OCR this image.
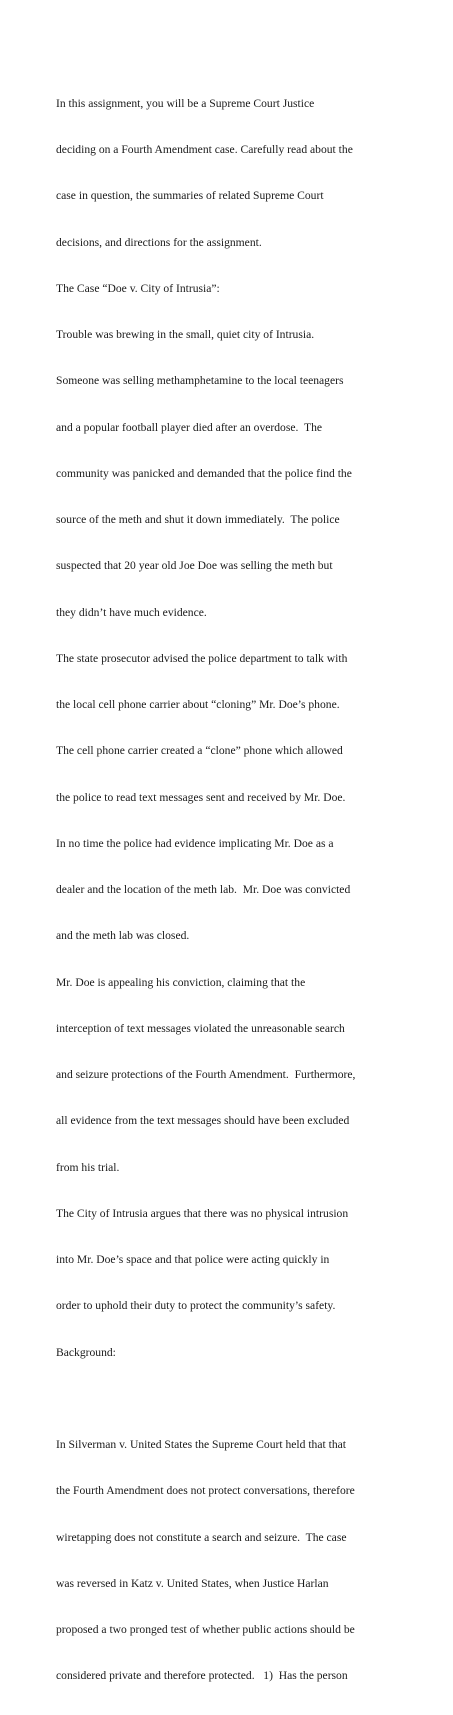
In this assignment, you will be a Supreme Court Justice

deciding on a Fourth Amendment case. Carefully read about the

case in question, the summaries of related Supreme Court

decisions, and directions for the assignment.

The Case “Doe v. City of Intrusia”:

Trouble was brewing in the small, quiet city of Intrusia.

Someone was selling methamphetamine to the local teenagers

and a popular football player died after an overdose.  The

community was panicked and demanded that the police find the

source of the meth and shut it down immediately.  The police

suspected that 20 year old Joe Doe was selling the meth but

they didn’t have much evidence.

The state prosecutor advised the police department to talk with

the local cell phone carrier about “cloning” Mr. Doe’s phone.

The cell phone carrier created a “clone” phone which allowed

the police to read text messages sent and received by Mr. Doe.

In no time the police had evidence implicating Mr. Doe as a

dealer and the location of the meth lab.  Mr. Doe was convicted

and the meth lab was closed.

Mr. Doe is appealing his conviction, claiming that the

interception of text messages violated the unreasonable search

and seizure protections of the Fourth Amendment.  Furthermore,

all evidence from the text messages should have been excluded

from his trial.

The City of Intrusia argues that there was no physical intrusion

into Mr. Doe’s space and that police were acting quickly in

order to uphold their duty to protect the community’s safety.

Background:

In Silverman v. United States the Supreme Court held that that

the Fourth Amendment does not protect conversations, therefore

wiretapping does not constitute a search and seizure.  The case

was reversed in Katz v. United States, when Justice Harlan

proposed a two pronged test of whether public actions should be

considered private and therefore protected.   1)  Has the person
